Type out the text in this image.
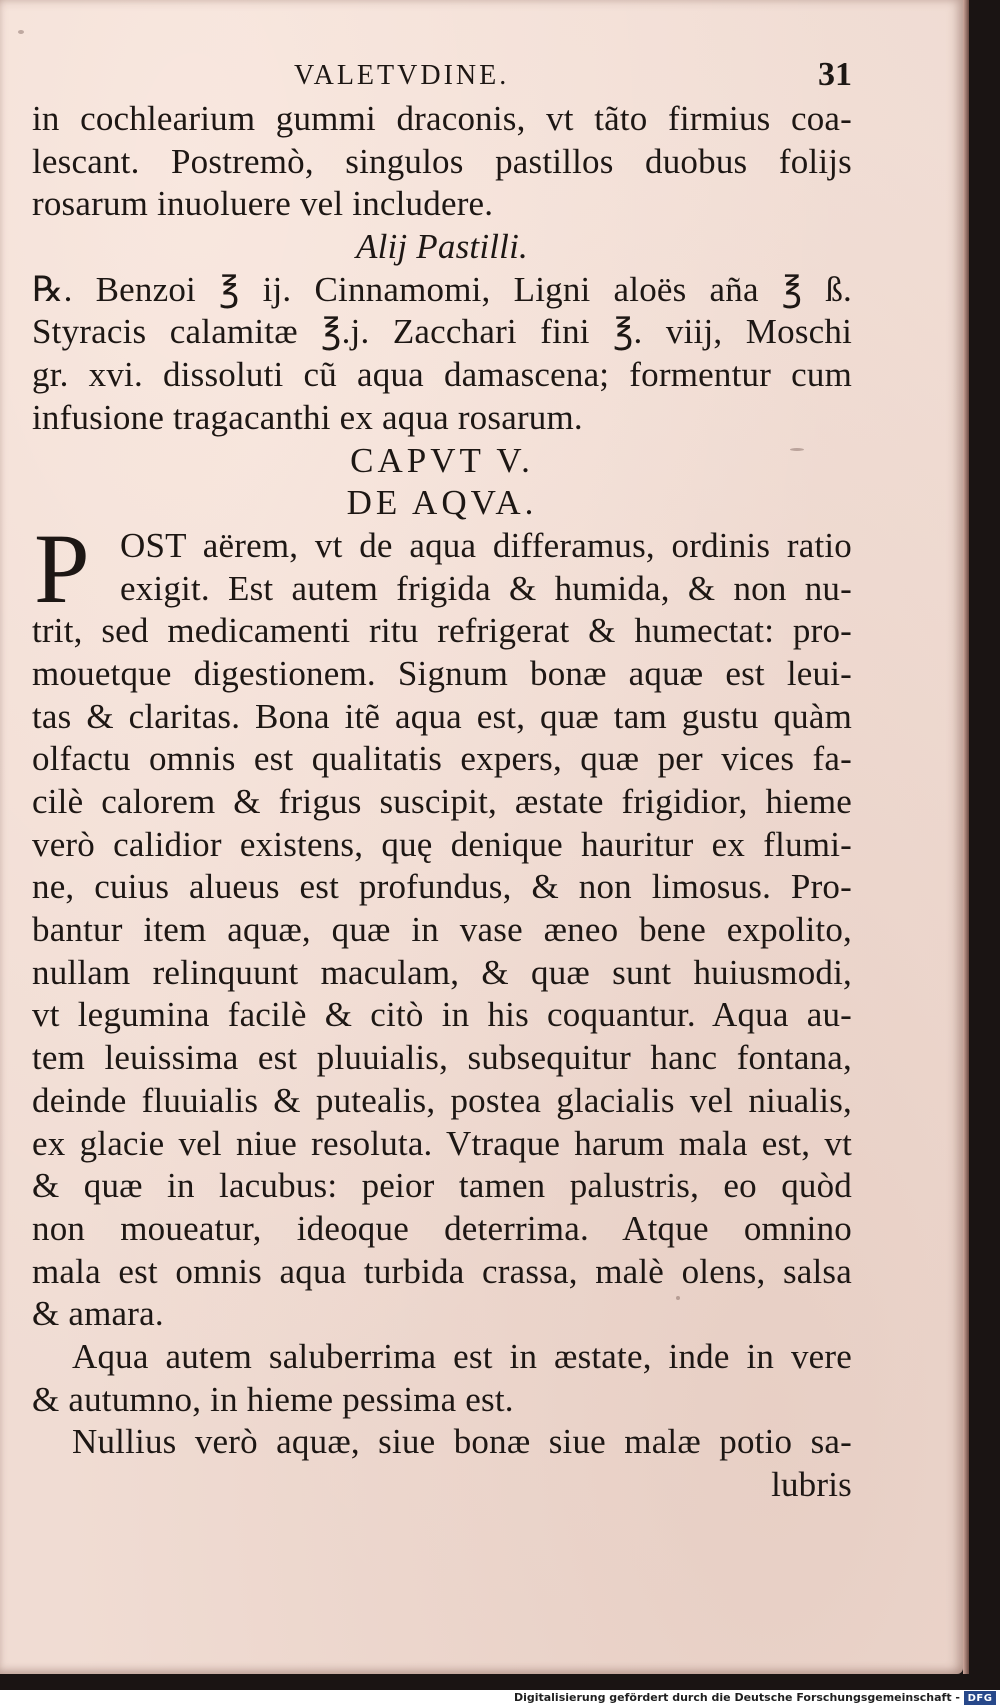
VALETVDINE.	31
P
in cochlearium gummi draconis, vt tãto firmius coa-
lescant. Postremò, singulos pastillos duobus folijs
rosarum inuoluere vel includere.
Alij Pastilli.
℞. Benzoi ℥ ij. Cinnamomi, Ligni aloës aña ℥ ß.
Styracis calamitæ ℥.j. Zacchari fini ℥. viij, Moschi
gr. xvi. dissoluti cũ aqua damascena; formentur cum
infusione tragacanthi ex aqua rosarum.
CAPVT V.
DE AQVA.
OST aërem, vt de aqua differamus, ordinis ratio
exigit. Est autem frigida & humida, & non nu-
trit, sed medicamenti ritu refrigerat & humectat: pro-
mouetque digestionem. Signum bonæ aquæ est leui-
tas & claritas. Bona itẽ aqua est, quæ tam gustu quàm
olfactu omnis est qualitatis expers, quæ per vices fa-
cilè calorem & frigus suscipit, æstate frigidior, hieme
verò calidior existens, quę denique hauritur ex flumi-
ne, cuius alueus est profundus, & non limosus. Pro-
bantur item aquæ, quæ in vase æneo bene expolito,
nullam relinquunt maculam, & quæ sunt huiusmodi,
vt legumina facilè & citò in his coquantur. Aqua au-
tem leuissima est pluuialis, subsequitur hanc fontana,
deinde fluuialis & putealis, postea glacialis vel niualis,
ex glacie vel niue resoluta. Vtraque harum mala est, vt
& quæ in lacubus: peior tamen palustris, eo quòd
non moueatur, ideoque deterrima. Atque omnino
mala est omnis aqua turbida crassa, malè olens, salsa
& amara.
Aqua autem saluberrima est in æstate, inde in vere
& autumno, in hieme pessima est.
Nullius verò aquæ, siue bonæ siue malæ potio sa-
lubris
Digitalisierung gefördert durch die Deutsche Forschungsgemeinschaft - DFG
